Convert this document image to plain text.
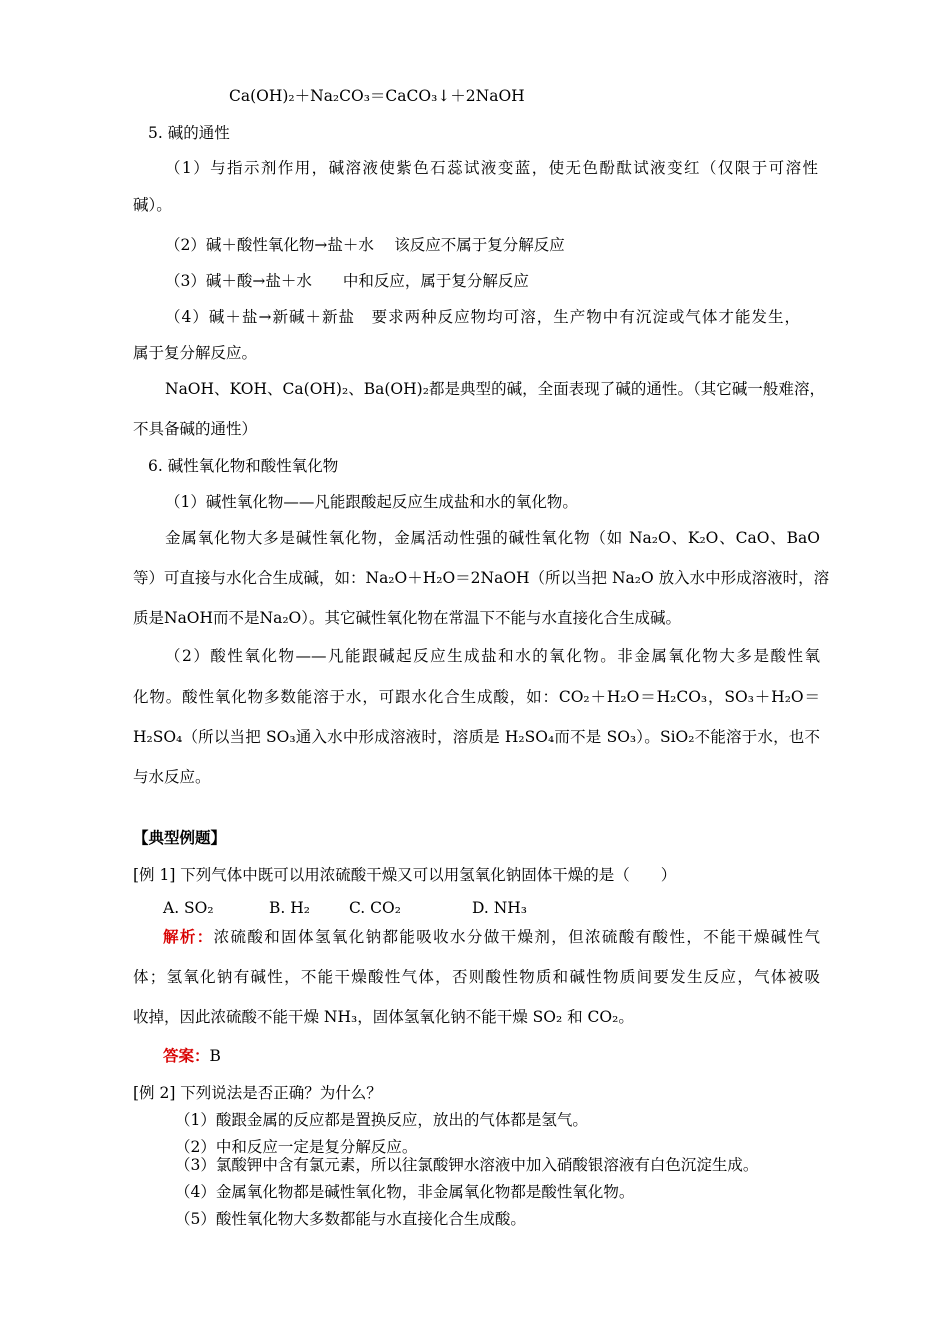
Ca(OH)₂＋Na₂CO₃＝CaCO₃↓＋2NaOH
5. 碱的通性
（1）与指示剂作用，碱溶液使紫色石蕊试液变蓝，使无色酚酞试液变红（仅限于可溶性
碱）。
（2）碱＋酸性氧化物→盐＋水　 该反应不属于复分解反应
（3）碱＋酸→盐＋水　　中和反应，属于复分解反应
（4）碱＋盐→新碱＋新盐　要求两种反应物均可溶，生产物中有沉淀或气体才能发生，
属于复分解反应。
NaOH、KOH、Ca(OH)₂、Ba(OH)₂都是典型的碱，全面表现了碱的通性。（其它碱一般难溶，
不具备碱的通性）
6. 碱性氧化物和酸性氧化物
（1）碱性氧化物——凡能跟酸起反应生成盐和水的氧化物。
金属氧化物大多是碱性氧化物，金属活动性强的碱性氧化物（如 Na₂O、K₂O、CaO、BaO
等）可直接与水化合生成碱，如：Na₂O＋H₂O＝2NaOH（所以当把 Na₂O 放入水中形成溶液时，溶
质是NaOH而不是Na₂O）。其它碱性氧化物在常温下不能与水直接化合生成碱。
（2）酸性氧化物——凡能跟碱起反应生成盐和水的氧化物。非金属氧化物大多是酸性氧
化物。酸性氧化物多数能溶于水，可跟水化合生成酸，如：CO₂＋H₂O＝H₂CO₃，SO₃＋H₂O＝
H₂SO₄（所以当把 SO₃通入水中形成溶液时，溶质是 H₂SO₄而不是 SO₃）。SiO₂不能溶于水，也不
与水反应。
【典型例题】
[例 1] 下列气体中既可以用浓硫酸干燥又可以用氢氧化钠固体干燥的是（　　）
A. SO₂	B. H₂	C. CO₂	D. NH₃
解析：浓硫酸和固体氢氧化钠都能吸收水分做干燥剂，但浓硫酸有酸性，不能干燥碱性气
体；氢氧化钠有碱性，不能干燥酸性气体，否则酸性物质和碱性物质间要发生反应，气体被吸
收掉，因此浓硫酸不能干燥 NH₃，固体氢氧化钠不能干燥 SO₂ 和 CO₂。
答案：B
[例 2] 下列说法是否正确？为什么？
（1）酸跟金属的反应都是置换反应，放出的气体都是氢气。
（2）中和反应一定是复分解反应。
（3）氯酸钾中含有氯元素，所以往氯酸钾水溶液中加入硝酸银溶液有白色沉淀生成。
（4）金属氧化物都是碱性氧化物，非金属氧化物都是酸性氧化物。
（5）酸性氧化物大多数都能与水直接化合生成酸。
